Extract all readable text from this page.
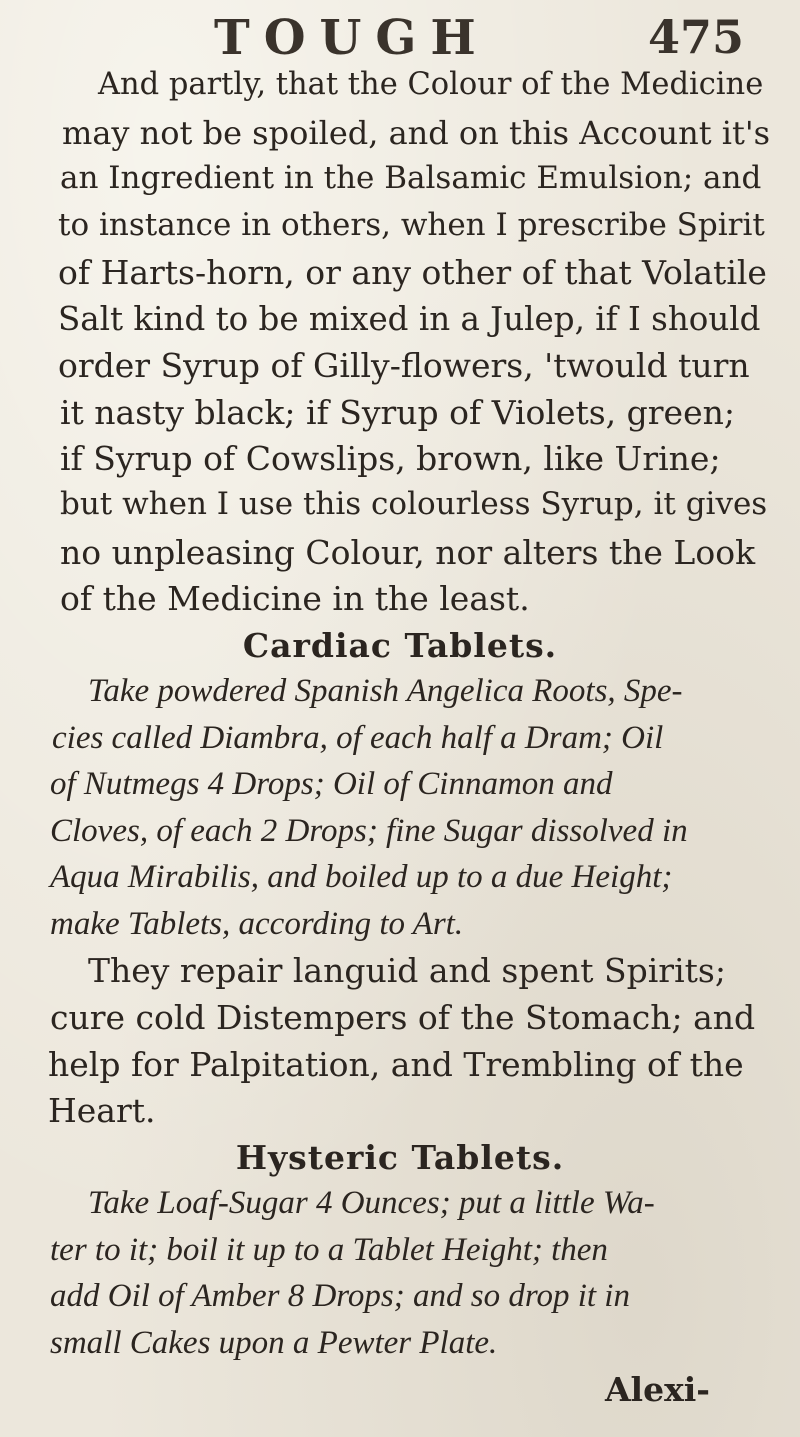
TOUGH	475
And partly, that the Colour of the Medicine
may not be spoiled, and on this Account it's
an Ingredient in the Balsamic Emulsion; and
to instance in others, when I prescribe Spirit
of Harts-horn, or any other of that Volatile
Salt kind to be mixed in a Julep, if I should
order Syrup of Gilly-flowers, 'twould turn
it nasty black; if Syrup of Violets, green;
if Syrup of Cowslips, brown, like Urine;
but when I use this colourless Syrup, it gives
no unpleasing Colour, nor alters the Look
of the Medicine in the least.
Cardiac Tablets.
Take powdered Spanish Angelica Roots, Spe-
cies called Diambra, of each half a Dram; Oil
of Nutmegs 4 Drops; Oil of Cinnamon and
Cloves, of each 2 Drops; fine Sugar dissolved in
Aqua Mirabilis, and boiled up to a due Height;
make Tablets, according to Art.
They repair languid and spent Spirits;
cure cold Distempers of the Stomach; and
help for Palpitation, and Trembling of the
Heart.
Hysteric Tablets.
Take Loaf-Sugar 4 Ounces; put a little Wa-
ter to it; boil it up to a Tablet Height; then
add Oil of Amber 8 Drops; and so drop it in
small Cakes upon a Pewter Plate.
Alexi-
